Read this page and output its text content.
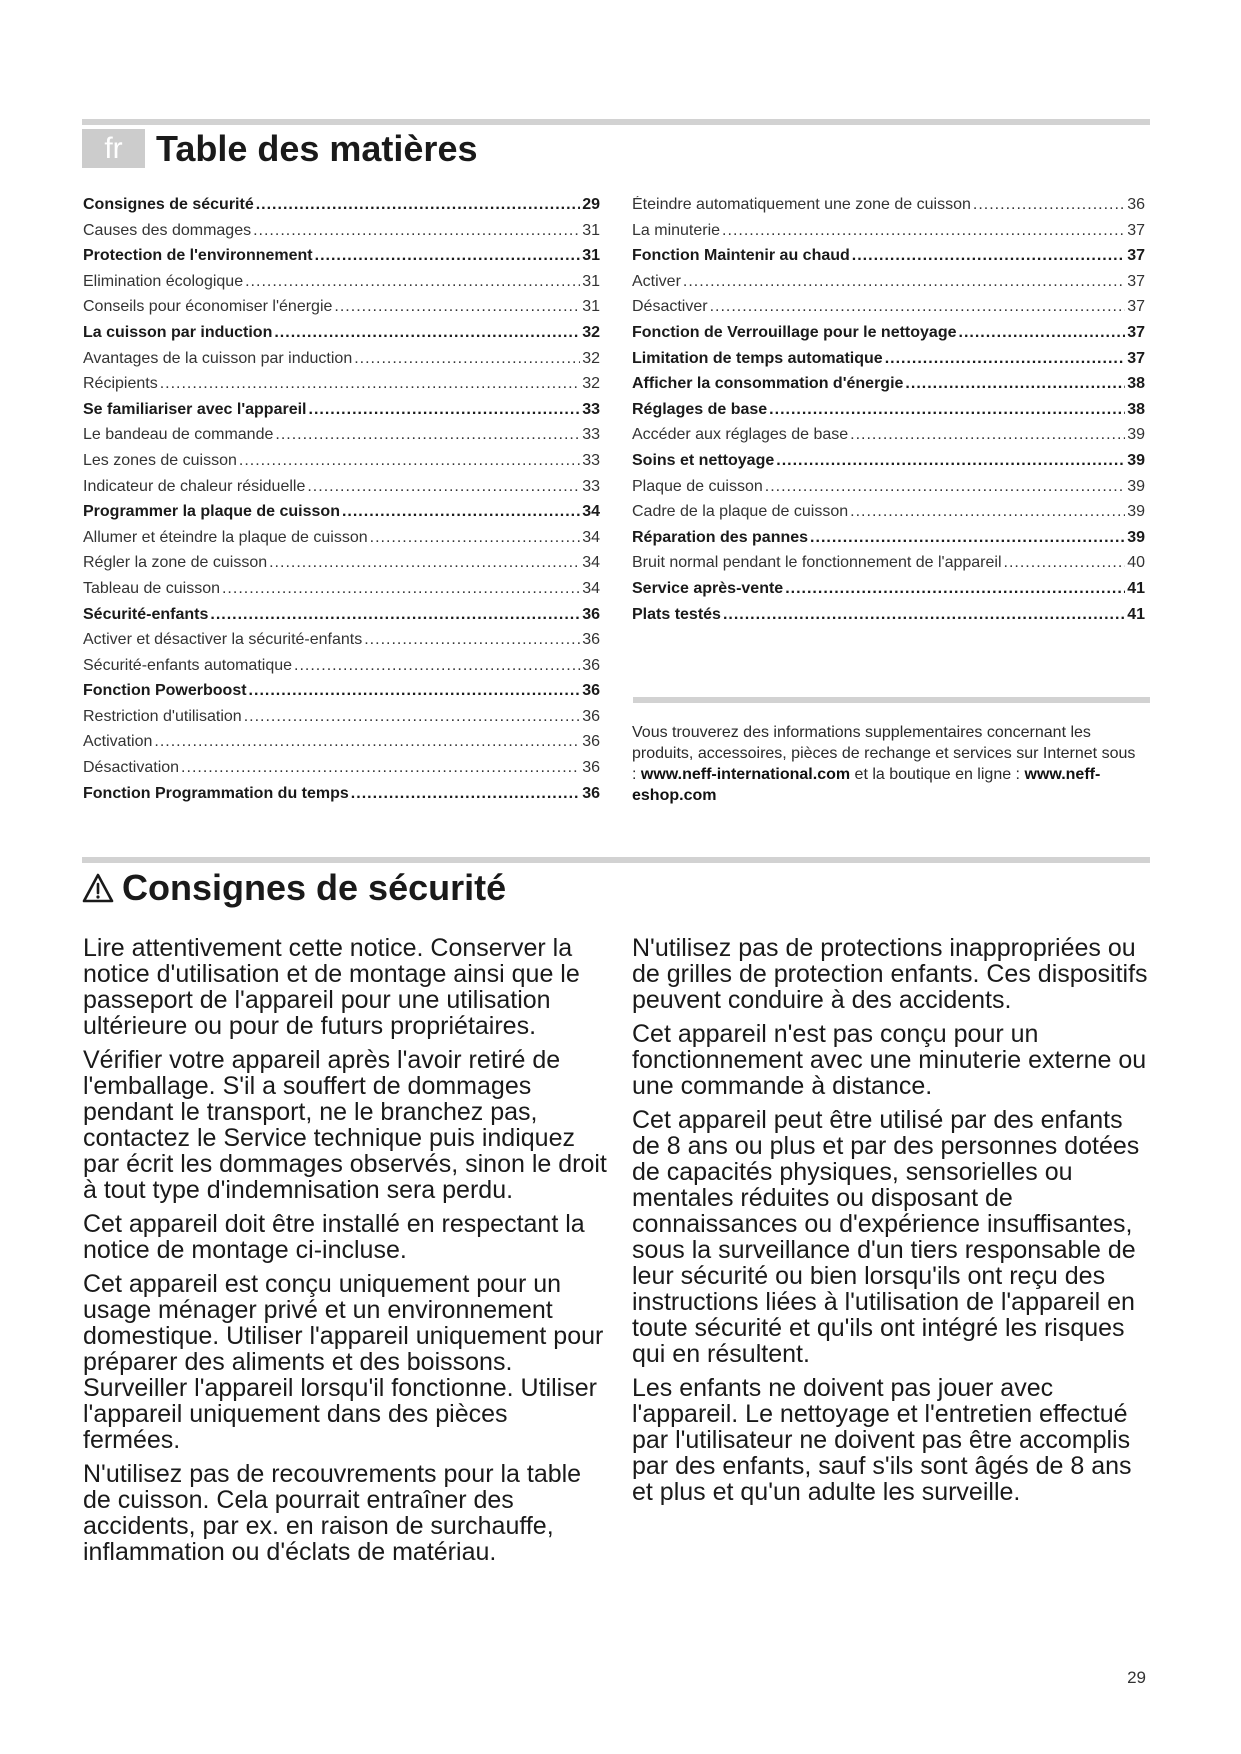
fr Table des matières
Consignes de sécurité .....	29
Causes des dommages .....	31
Protection de l'environnement .....	31
Elimination écologique .....	31
Conseils pour économiser l'énergie .....	31
La cuisson par induction .....	32
Avantages de la cuisson par induction .....	32
Récipients .....	32
Se familiariser avec l'appareil .....	33
Le bandeau de commande .....	33
Les zones de cuisson .....	33
Indicateur de chaleur résiduelle .....	33
Programmer la plaque de cuisson .....	34
Allumer et éteindre la plaque de cuisson .....	34
Régler la zone de cuisson .....	34
Tableau de cuisson .....	34
Sécurité-enfants .....	36
Activer et désactiver la sécurité-enfants .....	36
Sécurité-enfants automatique .....	36
Fonction Powerboost .....	36
Restriction d'utilisation .....	36
Activation .....	36
Désactivation .....	36
Fonction Programmation du temps .....	36
Éteindre automatiquement une zone de cuisson .....	36
La minuterie .....	37
Fonction Maintenir au chaud .....	37
Activer .....	37
Désactiver .....	37
Fonction de Verrouillage pour le nettoyage .....	37
Limitation de temps automatique .....	37
Afficher la consommation d'énergie .....	38
Réglages de base .....	38
Accéder aux réglages de base .....	39
Soins et nettoyage .....	39
Plaque de cuisson .....	39
Cadre de la plaque de cuisson .....	39
Réparation des pannes .....	39
Bruit normal pendant le fonctionnement de l'appareil .....	40
Service après-vente .....	41
Plats testés .....	41
Vous trouverez des informations supplementaires concernant les produits, accessoires, pièces de rechange et services sur Internet sous : www.neff-international.com et la boutique en ligne : www.neff-eshop.com
Consignes de sécurité

Lire attentivement cette notice. Conserver la notice d'utilisation et de montage ainsi que le passeport de l'appareil pour une utilisation ultérieure ou pour de futurs propriétaires.

Vérifier votre appareil après l'avoir retiré de l'emballage. S'il a souffert de dommages pendant le transport, ne le branchez pas, contactez le Service technique puis indiquez par écrit les dommages observés, sinon le droit à tout type d'indemnisation sera perdu.

Cet appareil doit être installé en respectant la notice de montage ci-incluse.

Cet appareil est conçu uniquement pour un usage ménager privé et un environnement domestique. Utiliser l'appareil uniquement pour préparer des aliments et des boissons. Surveiller l'appareil lorsqu'il fonctionne. Utiliser l'appareil uniquement dans des pièces fermées.

N'utilisez pas de recouvrements pour la table de cuisson. Cela pourrait entraîner des accidents, par ex. en raison de surchauffe, inflammation ou d'éclats de matériau.

N'utilisez pas de protections inappropriées ou de grilles de protection enfants. Ces dispositifs peuvent conduire à des accidents.

Cet appareil n'est pas conçu pour un fonctionnement avec une minuterie externe ou une commande à distance.

Cet appareil peut être utilisé par des enfants de 8 ans ou plus et par des personnes dotées de capacités physiques, sensorielles ou mentales réduites ou disposant de connaissances ou d'expérience insuffisantes, sous la surveillance d'un tiers responsable de leur sécurité ou bien lorsqu'ils ont reçu des instructions liées à l'utilisation de l'appareil en toute sécurité et qu'ils ont intégré les risques qui en résultent.

Les enfants ne doivent pas jouer avec l'appareil. Le nettoyage et l'entretien effectué par l'utilisateur ne doivent pas être accomplis par des enfants, sauf s'ils sont âgés de 8 ans et plus et qu'un adulte les surveille.

29
